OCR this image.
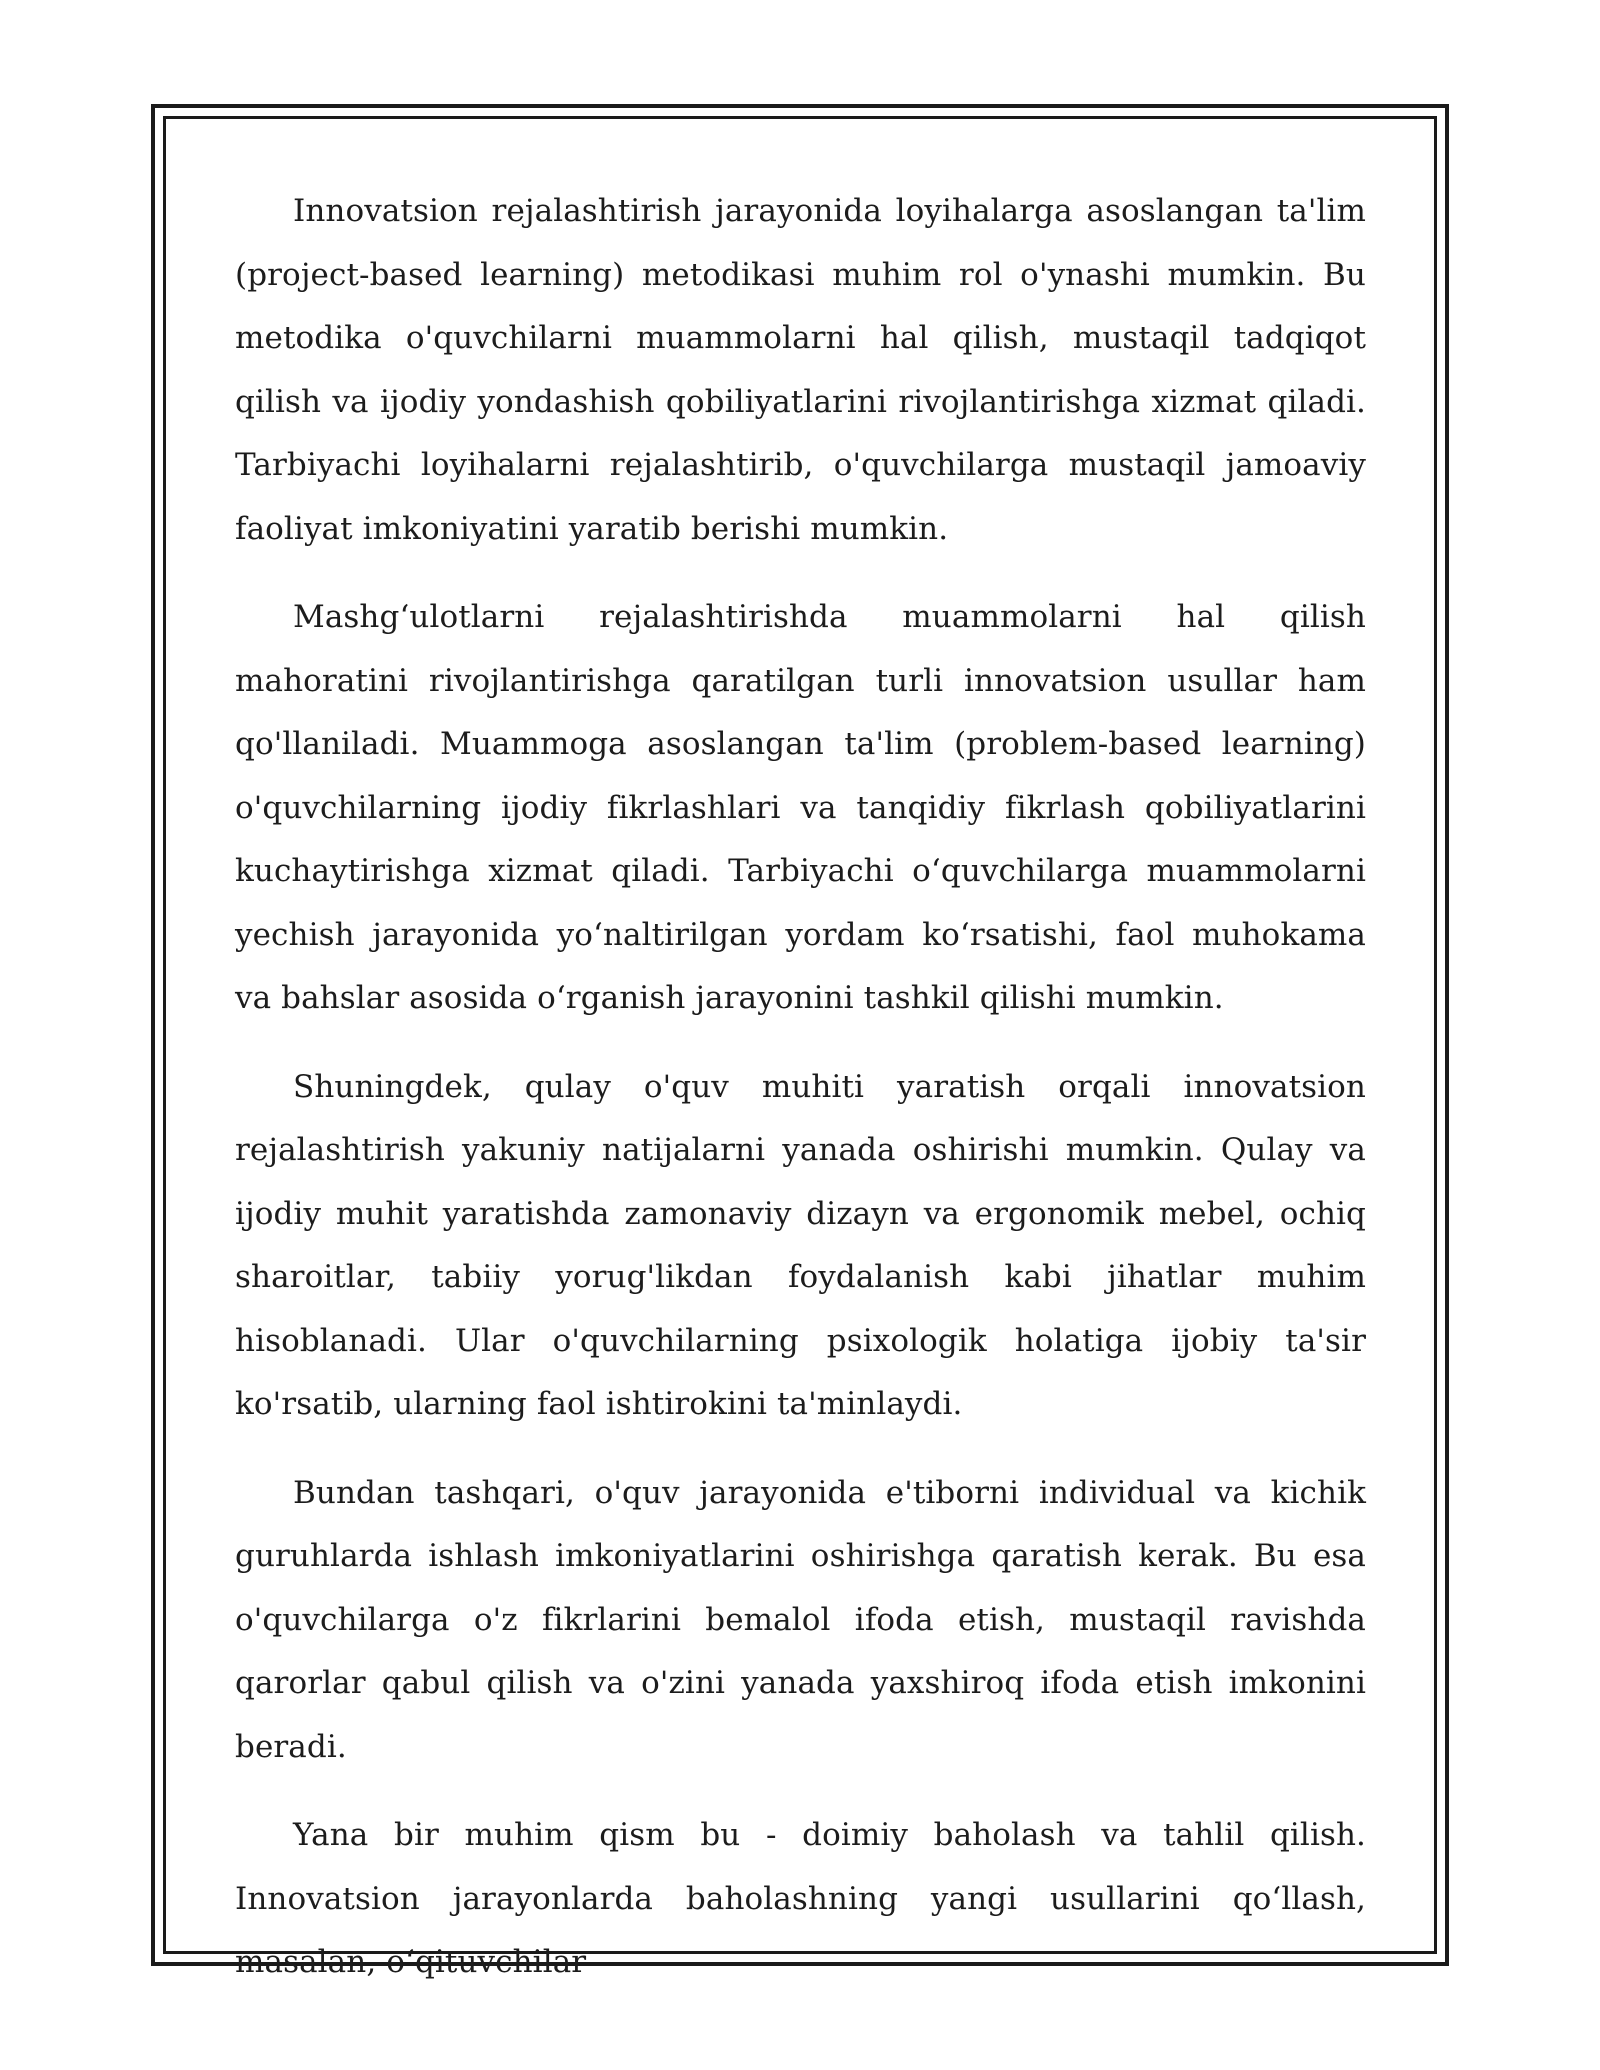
Innovatsion rejalashtirish jarayonida loyihalarga asoslangan ta'lim (project-based learning) metodikasi muhim rol o'ynashi mumkin. Bu metodika o'quvchilarni muammolarni hal qilish, mustaqil tadqiqot qilish va ijodiy yondashish qobiliyatlarini rivojlantirishga xizmat qiladi. Tarbiyachi loyihalarni rejalashtirib, o'quvchilarga mustaqil jamoaviy faoliyat imkoniyatini yaratib berishi mumkin.

Mashg‘ulotlarni rejalashtirishda muammolarni hal qilish mahoratini rivojlantirishga qaratilgan turli innovatsion usullar ham qo'llaniladi. Muammoga asoslangan ta'lim (problem-based learning) o'quvchilarning ijodiy fikrlashlari va tanqidiy fikrlash qobiliyatlarini kuchaytirishga xizmat qiladi. Tarbiyachi o‘quvchilarga muammolarni yechish jarayonida yo‘naltirilgan yordam ko‘rsatishi, faol muhokama va bahslar asosida o‘rganish jarayonini tashkil qilishi mumkin.

Shuningdek, qulay o'quv muhiti yaratish orqali innovatsion rejalashtirish yakuniy natijalarni yanada oshirishi mumkin. Qulay va ijodiy muhit yaratishda zamonaviy dizayn va ergonomik mebel, ochiq sharoitlar, tabiiy yorug'likdan foydalanish kabi jihatlar muhim hisoblanadi. Ular o'quvchilarning psixologik holatiga ijobiy ta'sir ko'rsatib, ularning faol ishtirokini ta'minlaydi.

Bundan tashqari, o'quv jarayonida e'tiborni individual va kichik guruhlarda ishlash imkoniyatlarini oshirishga qaratish kerak. Bu esa o'quvchilarga o'z fikrlarini bemalol ifoda etish, mustaqil ravishda qarorlar qabul qilish va o'zini yanada yaxshiroq ifoda etish imkonini beradi.

Yana bir muhim qism bu - doimiy baholash va tahlil qilish. Innovatsion jarayonlarda baholashning yangi usullarini qo‘llash, masalan, o‘qituvchilar
